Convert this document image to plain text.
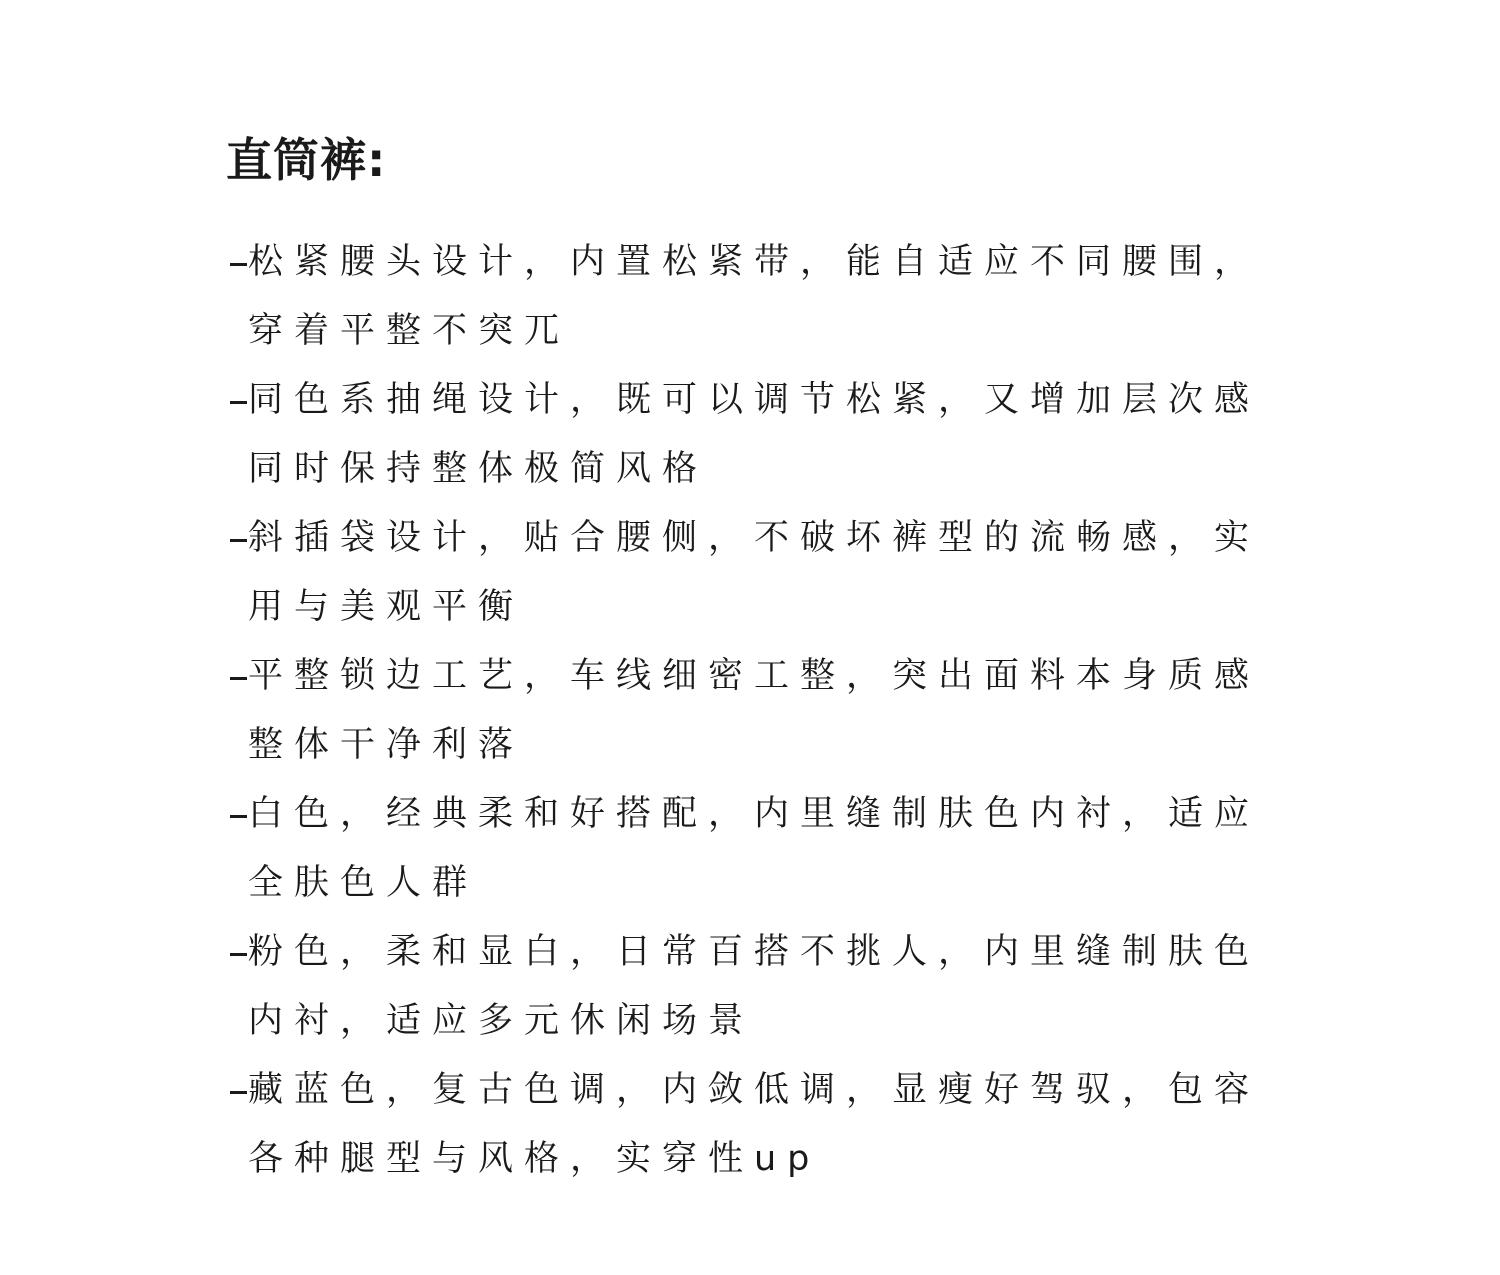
直筒裤:
松紧腰头设计，内置松紧带，能自适应不同腰围，穿着平整不突兀
同色系抽绳设计，既可以调节松紧，又增加层次感同时保持整体极简风格
斜插袋设计，贴合腰侧，不破坏裤型的流畅感，实用与美观平衡
平整锁边工艺，车线细密工整，突出面料本身质感整体干净利落
白色，经典柔和好搭配，内里缝制肤色内衬，适应全肤色人群
粉色，柔和显白，日常百搭不挑人，内里缝制肤色内衬，适应多元休闲场景
藏蓝色，复古色调，内敛低调，显瘦好驾驭，包容各种腿型与风格，实穿性up
